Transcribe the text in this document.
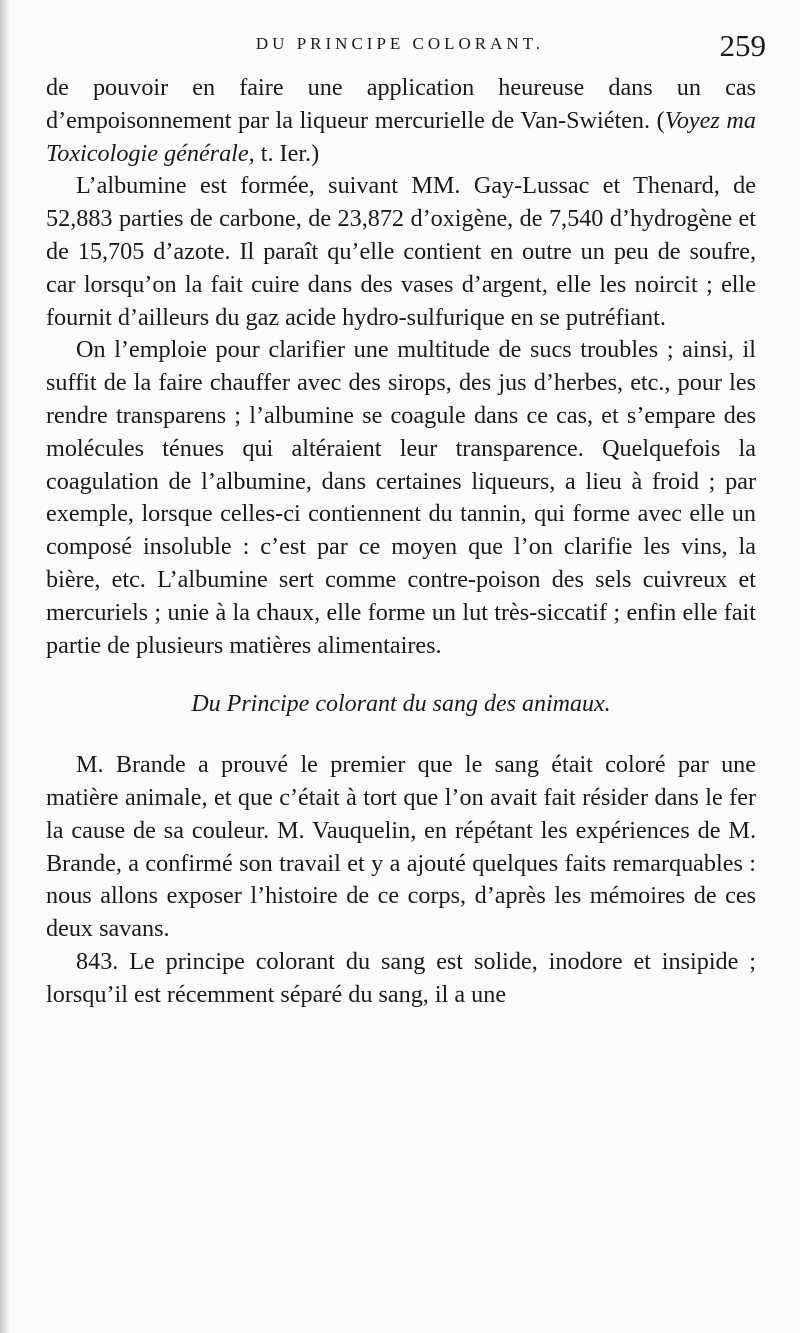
DU PRINCIPE COLORANT.	259

de pouvoir en faire une application heureuse dans un cas d’empoisonnement par la liqueur mercurielle de Van-Swiéten. (Voyez ma Toxicologie générale, t. Ier.)

L’albumine est formée, suivant MM. Gay-Lussac et Thenard, de 52,883 parties de carbone, de 23,872 d’oxigène, de 7,540 d’hydrogène et de 15,705 d’azote. Il paraît qu’elle contient en outre un peu de soufre, car lorsqu’on la fait cuire dans des vases d’argent, elle les noircit ; elle fournit d’ailleurs du gaz acide hydro-sulfurique en se putréfiant.

On l’emploie pour clarifier une multitude de sucs troubles ; ainsi, il suffit de la faire chauffer avec des sirops, des jus d’herbes, etc., pour les rendre transparens ; l’albumine se coagule dans ce cas, et s’empare des molécules ténues qui altéraient leur transparence. Quelquefois la coagulation de l’albumine, dans certaines liqueurs, a lieu à froid ; par exemple, lorsque celles-ci contiennent du tannin, qui forme avec elle un composé insoluble : c’est par ce moyen que l’on clarifie les vins, la bière, etc. L’albumine sert comme contre-poison des sels cuivreux et mercuriels ; unie à la chaux, elle forme un lut très-siccatif ; enfin elle fait partie de plusieurs matières alimentaires.

Du Principe colorant du sang des animaux.

M. Brande a prouvé le premier que le sang était coloré par une matière animale, et que c’était à tort que l’on avait fait résider dans le fer la cause de sa couleur. M. Vauquelin, en répétant les expériences de M. Brande, a confirmé son travail et y a ajouté quelques faits remarquables : nous allons exposer l’histoire de ce corps, d’après les mémoires de ces deux savans.

843. Le principe colorant du sang est solide, inodore et insipide ; lorsqu’il est récemment séparé du sang, il a une
